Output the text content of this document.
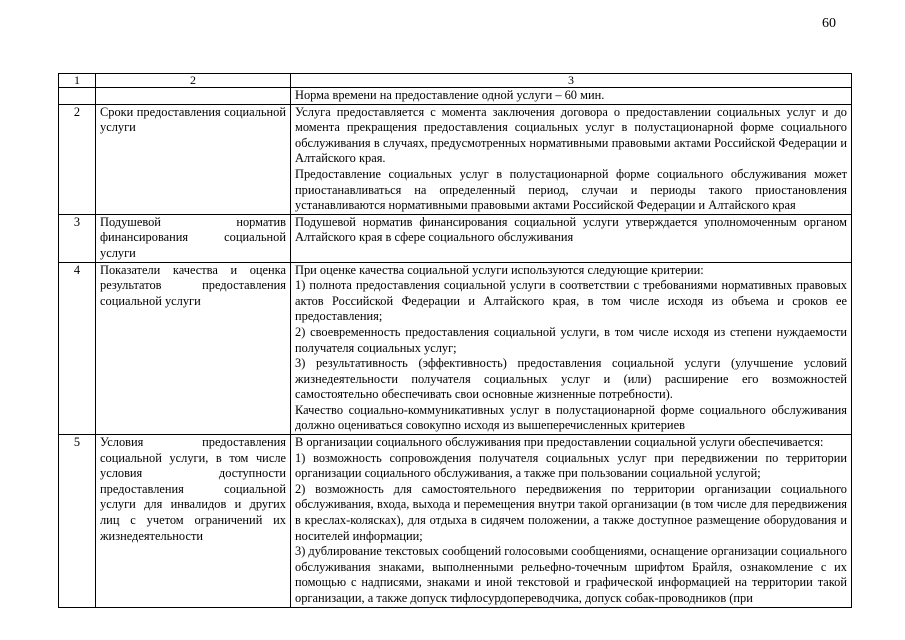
60
1	2	3

		Норма времени на предоставление одной услуги – 60 мин.

2	Сроки предоставления социальной услуги	Услуга предоставляется с момента заключения договора о предоставлении социальных услуг и до момента прекращения предоставления социальных услуг в полустационарной форме социального обслуживания в случаях, предусмотренных нормативными правовыми актами Российской Федерации и Алтайского края.
Предоставление социальных услуг в полустационарной форме социального обслуживания может приостанавливаться на определенный период, случаи и периоды такого приостановления устанавливаются нормативными правовыми актами Российской Федерации и Алтайского края

3	Подушевой норматив финансирования социальной услуги	Подушевой норматив финансирования социальной услуги утверждается уполномоченным органом Алтайского края в сфере социального обслуживания

4	Показатели качества и оценка результатов предоставления социальной услуги	При оценке качества социальной услуги используются следующие критерии:
1) полнота предоставления социальной услуги в соответствии с требованиями нормативных правовых актов Российской Федерации и Алтайского края, в том числе исходя из объема и сроков ее предоставления;
2) своевременность предоставления социальной услуги, в том числе исходя из степени нуждаемости получателя социальных услуг;
3) результативность (эффективность) предоставления социальной услуги (улучшение условий жизнедеятельности получателя социальных услуг и (или) расширение его возможностей самостоятельно обеспечивать свои основные жизненные потребности).
Качество социально-коммуникативных услуг в полустационарной форме социального обслуживания должно оцениваться совокупно исходя из вышеперечисленных критериев

5	Условия предоставления социальной услуги, в том числе условия доступности предоставления социальной услуги для инвалидов и других лиц с учетом ограничений их жизнедеятельности	В организации социального обслуживания при предоставлении социальной услуги обеспечивается:
1) возможность сопровождения получателя социальных услуг при передвижении по территории организации социального обслуживания, а также при пользовании социальной услугой;
2) возможность для самостоятельного передвижения по территории организации социального обслуживания, входа, выхода и перемещения внутри такой организации (в том числе для передвижения в креслах-колясках), для отдыха в сидячем положении, а также доступное размещение оборудования и носителей информации;
3) дублирование текстовых сообщений голосовыми сообщениями, оснащение организации социального обслуживания знаками, выполненными рельефно-точечным шрифтом Брайля, ознакомление с их помощью с надписями, знаками и иной текстовой и графической информацией на территории такой организации, а также допуск тифлосурдопереводчика, допуск собак-проводников (при
